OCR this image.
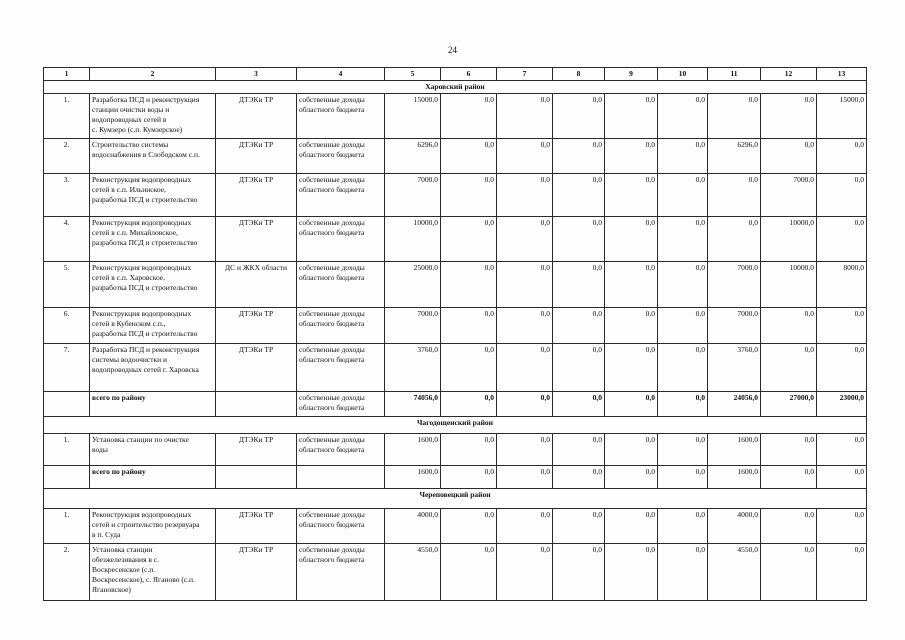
24
1	2	3	4	5	6	7	8	9	10	11	12	13
Харовский район												
1.	Разработка ПСД и реконструкция
станции очистки воды и
водопроводных сетей в
с. Кумзеро (с.п. Кумзерское)	ДТЭКи ТР	собственные доходы областного бюджета	15000,0	0,0	0,0	0,0	0,0	0,0	0,0	0,0	15000,0
2.	Строительство системы
водоснабжения в Слободском с.п.	ДТЭКи ТР	собственные доходы областного бюджета	6296,0	0,0	0,0	0,0	0,0	0,0	6296,0	0,0	0,0
3.	Реконструкция водопроводных
сетей в с.п. Ильинское,
разработка ПСД и строительство	ДТЭКи ТР	собственные доходы областного бюджета	7000,0	0,0	0,0	0,0	0,0	0,0	0,0	7000,0	0,0
4.	Реконструкция водопроводных
сетей в с.п. Михайловское,
разработка ПСД и строительство	ДТЭКи ТР	собственные доходы областного бюджета	10000,0	0,0	0,0	0,0	0,0	0,0	0,0	10000,0	0,0
5.	Реконструкция водопроводных
сетей в с.п. Харовское,
разработка ПСД и строительство	ДС и ЖКХ области	собственные доходы областного бюджета	25000,0	0,0	0,0	0,0	0,0	0,0	7000,0	10000,0	8000,0
6.	Реконструкция водопроводных
сетей в Кубенском с.п.,
разработка ПСД и строительство	ДТЭКи ТР	собственные доходы областного бюджета	7000,0	0,0	0,0	0,0	0,0	0,0	7000,0	0,0	0,0
7.	Разработка ПСД и реконструкция
системы водоочистки и
водопроводных сетей г. Харовска	ДТЭКи ТР	собственные доходы областного бюджета	3760,0	0,0	0,0	0,0	0,0	0,0	3760,0	0,0	0,0
	всего по району		собственные доходы областного бюджета	74056,0	0,0	0,0	0,0	0,0	0,0	24056,0	27000,0	23000,0
Чагодощенский район												
1.	Установка станции по очистке
воды	ДТЭКи ТР	собственные доходы областного бюджета	1600,0	0,0	0,0	0,0	0,0	0,0	1600,0	0,0	0,0
	всего по району			1600,0	0,0	0,0	0,0	0,0	0,0	1600,0	0,0	0,0
Череповецкий район												
1.	Реконструкция водопроводных
сетей и строительство резервуара
в п. Суда	ДТЭКи ТР	собственные доходы областного бюджета	4000,0	0,0	0,0	0,0	0,0	0,0	4000,0	0,0	0,0
2.	Установка станции
обезжелезивания в с.
Воскресенское (с.п.
Воскресенское), с. Яганово (с.п.
Ягановское)	ДТЭКи ТР	собственные доходы областного бюджета	4550,0	0,0	0,0	0,0	0,0	0,0	4550,0	0,0	0,0
